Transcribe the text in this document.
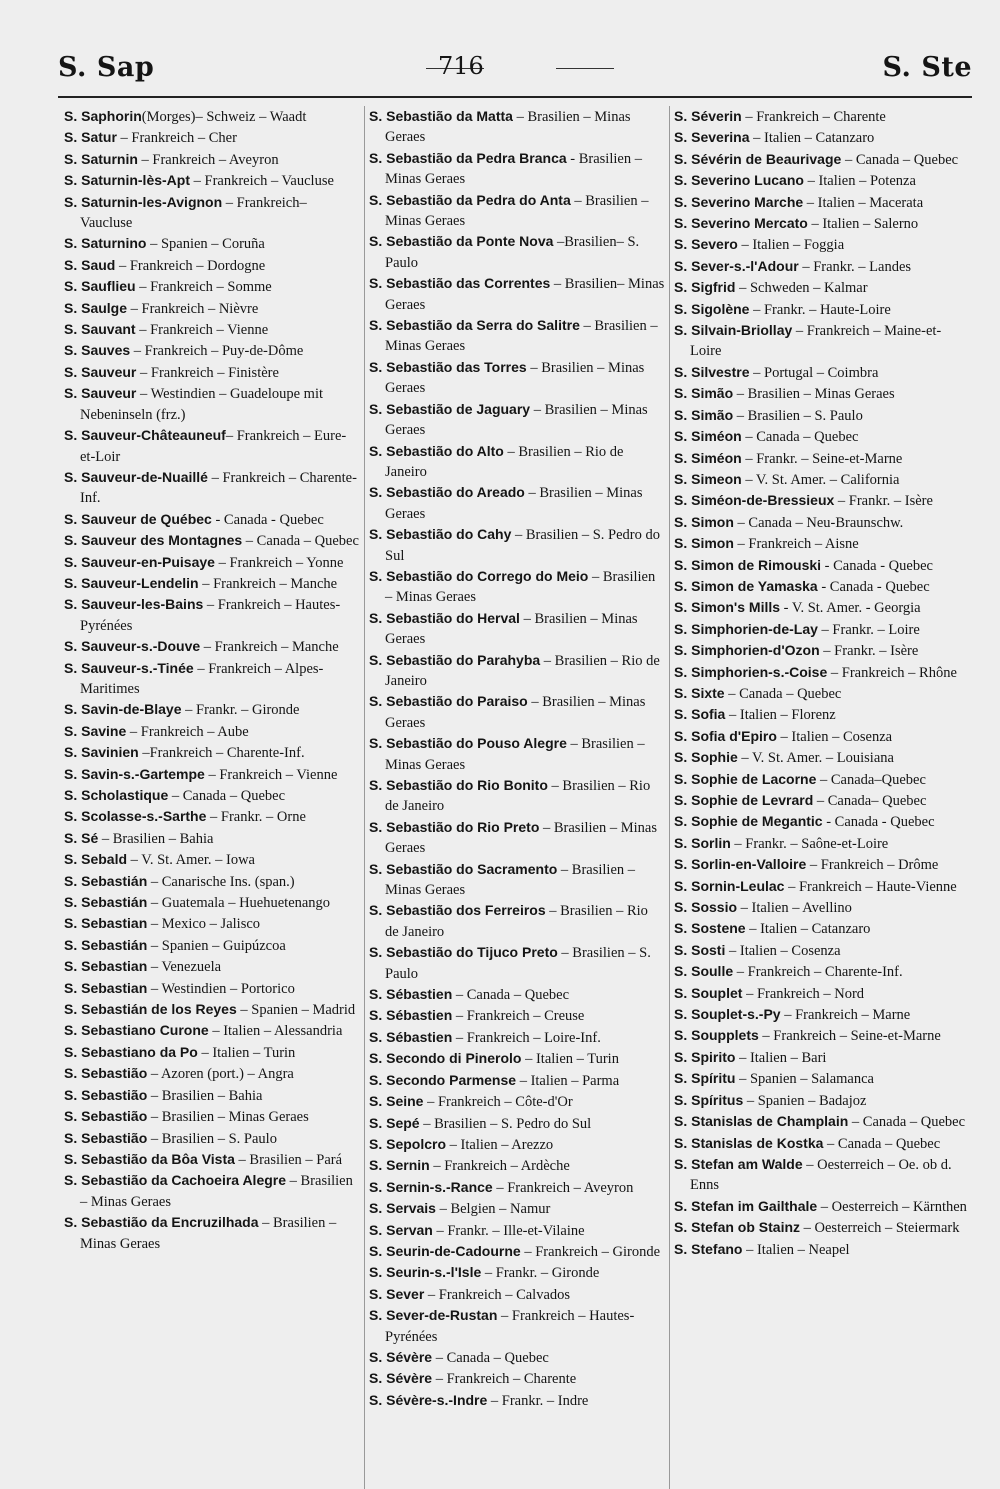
S. Sap	716	S. Ste

S. Saphorin(Morges)– Schweiz – Waadt

S. Satur – Frankreich – Cher

S. Saturnin – Frankreich – Aveyron

S. Saturnin-lès-Apt – Frankreich – Vaucluse

S. Saturnin-les-Avignon – Frankreich– Vaucluse

S. Saturnino – Spanien – Coruña

S. Saud – Frankreich – Dordogne

S. Sauflieu – Frankreich – Somme

S. Saulge – Frankreich – Nièvre

S. Sauvant – Frankreich – Vienne

S. Sauves – Frankreich – Puy-de-Dôme

S. Sauveur – Frankreich – Finistère

S. Sauveur – Westindien – Guadeloupe mit Nebeninseln (frz.)

S. Sauveur-Châteauneuf– Frankreich – Eure-et-Loir

S. Sauveur-de-Nuaillé – Frankreich – Charente-Inf.

S. Sauveur de Québec - Canada - Quebec

S. Sauveur des Montagnes – Canada – Quebec

S. Sauveur-en-Puisaye – Frankreich – Yonne

S. Sauveur-Lendelin – Frankreich – Manche

S. Sauveur-les-Bains – Frankreich – Hautes-Pyrénées

S. Sauveur-s.-Douve – Frankreich – Manche

S. Sauveur-s.-Tinée – Frankreich – Alpes-Maritimes

S. Savin-de-Blaye – Frankr. – Gironde

S. Savine – Frankreich – Aube

S. Savinien –Frankreich – Charente-Inf.

S. Savin-s.-Gartempe – Frankreich – Vienne

S. Scholastique – Canada – Quebec

S. Scolasse-s.-Sarthe – Frankr. – Orne

S. Sé – Brasilien – Bahia

S. Sebald – V. St. Amer. – Iowa

S. Sebastián – Canarische Ins. (span.)

S. Sebastián – Guatemala – Huehuetenango

S. Sebastian – Mexico – Jalisco

S. Sebastián – Spanien – Guipúzcoa

S. Sebastian – Venezuela

S. Sebastian – Westindien – Portorico

S. Sebastián de los Reyes – Spanien – Madrid

S. Sebastiano Curone – Italien – Alessandria

S. Sebastiano da Po – Italien – Turin

S. Sebastião – Azoren (port.) – Angra

S. Sebastião – Brasilien – Bahia

S. Sebastião – Brasilien – Minas Geraes

S. Sebastião – Brasilien – S. Paulo

S. Sebastião da Bôa Vista – Brasilien – Pará

S. Sebastião da Cachoeira Alegre – Brasilien – Minas Geraes

S. Sebastião da Encruzilhada – Brasilien – Minas Geraes

S. Sebastião da Matta – Brasilien – Minas Geraes

S. Sebastião da Pedra Branca - Brasilien – Minas Geraes

S. Sebastião da Pedra do Anta – Brasilien – Minas Geraes

S. Sebastião da Ponte Nova –Brasilien– S. Paulo

S. Sebastião das Correntes – Brasilien– Minas Geraes

S. Sebastião da Serra do Salitre – Brasilien – Minas Geraes

S. Sebastião das Torres – Brasilien – Minas Geraes

S. Sebastião de Jaguary – Brasilien – Minas Geraes

S. Sebastião do Alto – Brasilien – Rio de Janeiro

S. Sebastião do Areado – Brasilien – Minas Geraes

S. Sebastião do Cahy – Brasilien – S. Pedro do Sul

S. Sebastião do Corrego do Meio – Brasilien – Minas Geraes

S. Sebastião do Herval – Brasilien – Minas Geraes

S. Sebastião do Parahyba – Brasilien – Rio de Janeiro

S. Sebastião do Paraiso – Brasilien – Minas Geraes

S. Sebastião do Pouso Alegre – Brasilien – Minas Geraes

S. Sebastião do Rio Bonito – Brasilien – Rio de Janeiro

S. Sebastião do Rio Preto – Brasilien – Minas Geraes

S. Sebastião do Sacramento – Brasilien – Minas Geraes

S. Sebastião dos Ferreiros – Brasilien – Rio de Janeiro

S. Sebastião do Tijuco Preto – Brasilien – S. Paulo

S. Sébastien – Canada – Quebec

S. Sébastien – Frankreich – Creuse

S. Sébastien – Frankreich – Loire-Inf.

S. Secondo di Pinerolo – Italien – Turin

S. Secondo Parmense – Italien – Parma

S. Seine – Frankreich – Côte-d'Or

S. Sepé – Brasilien – S. Pedro do Sul

S. Sepolcro – Italien – Arezzo

S. Sernin – Frankreich – Ardèche

S. Sernin-s.-Rance – Frankreich – Aveyron

S. Servais – Belgien – Namur

S. Servan – Frankr. – Ille-et-Vilaine

S. Seurin-de-Cadourne – Frankreich – Gironde

S. Seurin-s.-l'Isle – Frankr. – Gironde

S. Sever – Frankreich – Calvados

S. Sever-de-Rustan – Frankreich – Hautes-Pyrénées

S. Sévère – Canada – Quebec

S. Sévère – Frankreich – Charente

S. Sévère-s.-Indre – Frankr. – Indre

S. Séverin – Frankreich – Charente

S. Severina – Italien – Catanzaro

S. Sévérin de Beaurivage – Canada – Quebec

S. Severino Lucano – Italien – Potenza

S. Severino Marche – Italien – Macerata

S. Severino Mercato – Italien – Salerno

S. Severo – Italien – Foggia

S. Sever-s.-l'Adour – Frankr. – Landes

S. Sigfrid – Schweden – Kalmar

S. Sigolène – Frankr. – Haute-Loire

S. Silvain-Briollay – Frankreich – Maine-et-Loire

S. Silvestre – Portugal – Coimbra

S. Simão – Brasilien – Minas Geraes

S. Simão – Brasilien – S. Paulo

S. Siméon – Canada – Quebec

S. Siméon – Frankr. – Seine-et-Marne

S. Simeon – V. St. Amer. – California

S. Siméon-de-Bressieux – Frankr. – Isère

S. Simon – Canada – Neu-Braunschw.

S. Simon – Frankreich – Aisne

S. Simon de Rimouski - Canada - Quebec

S. Simon de Yamaska - Canada - Quebec

S. Simon's Mills - V. St. Amer. - Georgia

S. Simphorien-de-Lay – Frankr. – Loire

S. Simphorien-d'Ozon – Frankr. – Isère

S. Simphorien-s.-Coise – Frankreich – Rhône

S. Sixte – Canada – Quebec

S. Sofia – Italien – Florenz

S. Sofia d'Epiro – Italien – Cosenza

S. Sophie – V. St. Amer. – Louisiana

S. Sophie de Lacorne – Canada–Quebec

S. Sophie de Levrard – Canada– Quebec

S. Sophie de Megantic - Canada - Quebec

S. Sorlin – Frankr. – Saône-et-Loire

S. Sorlin-en-Valloire – Frankreich – Drôme

S. Sornin-Leulac – Frankreich – Haute-Vienne

S. Sossio – Italien – Avellino

S. Sostene – Italien – Catanzaro

S. Sosti – Italien – Cosenza

S. Soulle – Frankreich – Charente-Inf.

S. Souplet – Frankreich – Nord

S. Souplet-s.-Py – Frankreich – Marne

S. Soupplets – Frankreich – Seine-et-Marne

S. Spirito – Italien – Bari

S. Spíritu – Spanien – Salamanca

S. Spíritus – Spanien – Badajoz

S. Stanislas de Champlain – Canada – Quebec

S. Stanislas de Kostka – Canada – Quebec

S. Stefan am Walde – Oesterreich – Oe. ob d. Enns

S. Stefan im Gailthale – Oesterreich – Kärnthen

S. Stefan ob Stainz – Oesterreich – Steiermark

S. Stefano – Italien – Neapel
